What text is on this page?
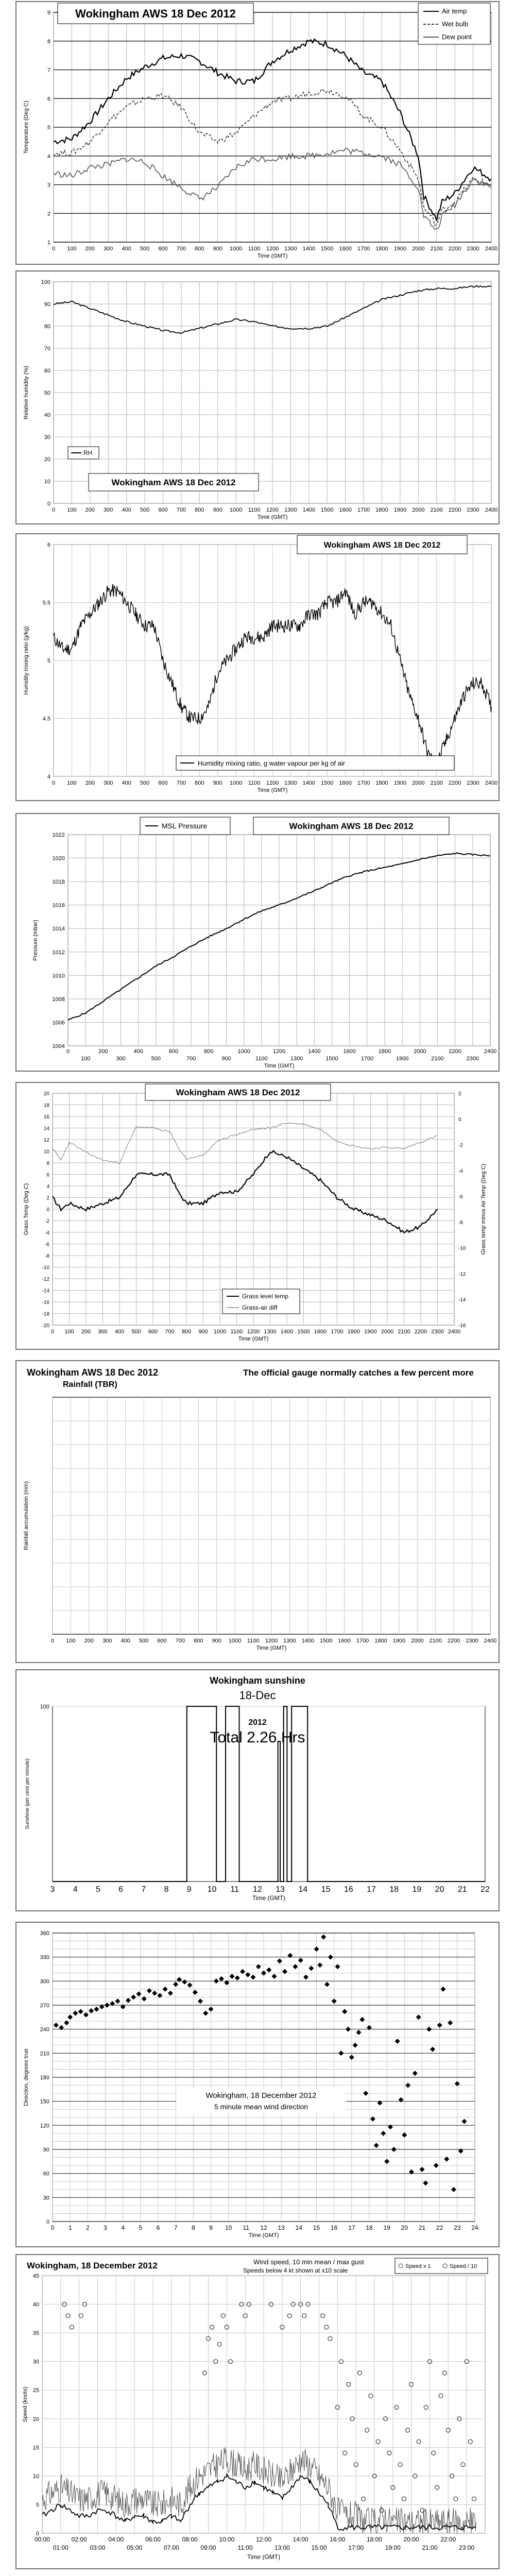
0 100 200 300 400 500 600 700 800 900 1000 1100 1200 1300 1400 1500 1600 1700 1800 1900 2000 2100 2200 2300 2400
1
2
3
4
5
6
7
8
9
Time (GMT)
Temperature (Deg C)
Wokingham AWS 18 Dec 2012	Air temp
Wet bulb
Dew point
0 100 200 300 400 500 600 700 800 900 1000 1100 1200 1300 1400 1500 1600 1700 1800 1900 2000 2100 2200 2300 2400
0
10
20
30
40
50
60
70
80
90
100
Time (GMT)
Relative humidity (%)
RH
Wokingham AWS 18 Dec 2012
0 100 200 300 400 500 600 700 800 900 1000 1100 1200 1300 1400 1500 1600 1700 1800 1900 2000 2100 2200 2300 2400
4
4.5
5
5.5
6
Time (GMT)
Humidity mixing ratio (g/kg)
Wokingham AWS 18 Dec 2012
Humidity mixing ratio, g water vapour per kg of air
0
100
200
300
400
500
600
700
800
900
1000
1100
1200
1300
1400
1500
1600
1700
1800
1900
2000
2100
2200
2300
2400
1004
1006
1008
1010
1012
1014
1016
1018
1020
1022
Time (GMT)
Pressure (mbar)
MSL Pressure	Wokingham AWS 18 Dec 2012
0 100 200 300 400 500 600 700 800 900 1000 1100 1200 1300 1400 1500 1600 1700 1800 1900 2000 2100 2200 2300 2400
-20
-18
-16
-14
-12
-10
-8
-6
-4
-2
0
2
4
6
8
10
12
14
16
18
20
-16
-14
-12
-10
-8
-6
-4
-2
0
2
Time (GMT)
Grass Temp (Deg C)	Grass temp minus Air Temp (Deg C)
Wokingham AWS 18 Dec 2012
Grass level temp
Grass-air diff
0 100 200 300 400 500 600 700 800 900 1000 1100 1200 1300 1400 1500 1600 1700 1800 1900 2000 2100 2200 2300 2400
Time (GMT)
Rainfall accumulation (mm)
Wokingham AWS 18 Dec 2012
Rainfall (TBR)
The official gauge normally catches a few percent more
3 4 5 6 7 8 9 10 11 12 13 14 15 16 17 18 19 20 21 22
100
Time (GMT)
Sunshine (per cent per minute)
Wokingham sunshine
18-Dec
2012
Total 2.26 Hrs
0 1 2 3 4 5 6 7 8 9 10 11 12 13 14 15 16 17 18 19 20 21 22 23 24
0
30
60
90
120
150
180
210
240
270
300
330
360
Time (GMT)
Direction, degrees true	Wokingham, 18 December 2012
5 minute mean wind direction
00:00	02:00	04:00	06:00	08:00	10:00	12:00	14:00	16:00	18:00	20:00	22:00
01:00	03:00	05:00	07:00	09:00	11:00	13:00	15:00	17:00	19:00	21:00	23:00
0
5
10
15
20
25
30
35
40
45
Time (GMT)
Speed (knots)
Wokingham, 18 December 2012	Wind speed, 10 min mean / max gust
Speeds below 4 kt shown at x10 scale
Speed x 1	Speed / 10
